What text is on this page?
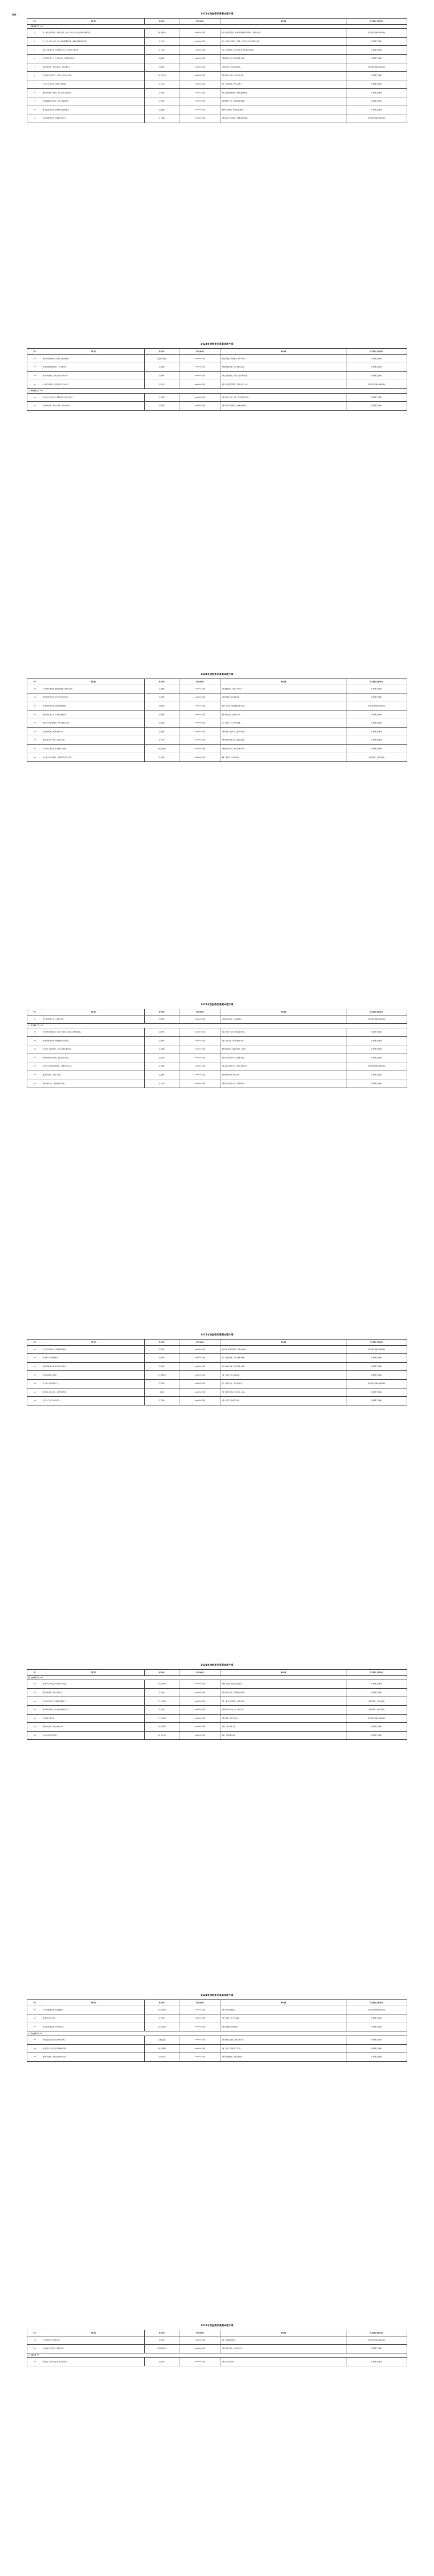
附件	2021年政协委员提案办理方案
序号	答复要点	落实单位	计划完成时间	落实措施	代表答复分类意见标注
一、经济发展工作（15）					
1	进一步优化营商环境，完善政务服务，推进一网通办，提升企业群众办事便利度。	区政务服务办	2021年12月底前	持续深化放管服改革，推动政务服务事项全程网办，压缩审批时限。	所提问题已经解决或基本解决
2	加大对中小微企业扶持力度，落实减税降费政策，缓解融资难融资贵问题。	区发改委	2021年12月底前	建立企业服务专员制度，开展银企对接活动，落实各项惠企政策。	所提问题正在解决
3	推动产业转型升级，培育发展新兴产业，打造特色产业集群。	区工信局	2021年12月底前	制定产业发展规划，引进优质项目，推进重点项目建设。	所提问题正在解决
4	加强招商引资工作，完善招商机制，提高项目落地率。	区商务局	2021年12月底前	开展精准招商，建立项目跟踪服务机制。	所提问题正在解决
5	促进消费升级，发展夜间经济，提升商圈活力。	区商务局	2021年12月底前	打造特色街区，举办促消费活动。	所提问题已经解决或基本解决
6	加快推进农业现代化，发展特色农业和乡村旅游。	区农业农村局	2021年12月底前	推进高标准农田建设，培育农业品牌。	所提问题正在解决
7	完善人才引进政策，加强人才服务保障。	区人社局	2021年12月底前	落实人才安居政策，优化人才服务。	所提问题正在解决
8	推进科技创新平台建设，提升企业自主创新能力。	区科技局	2021年12月底前	支持企业建设研发机构，开展科技成果转化。	所提问题正在解决
9	加强金融服务实体经济，防范化解金融风险。	区金融办	2021年12月底前	搭建融资服务平台，加强风险监测预警。	所提问题正在解决
10	推动数字经济发展，加快新型基础设施建设。	区发改委	2021年12月底前	推进5G基站建设，培育数字经济企业。	所提问题正在解决
11	支持民营经济发展，构建亲清政商关系。	区工商联	2021年12月底前	开展民营企业走访调研，协调解决企业困难。	所提问题已经解决或基本解决
2021年政协委员提案办理方案
序号	答复要点	落实单位	计划完成时间	落实措施	代表答复分类意见标注
12	推进园区提质增效，完善园区基础设施配套。	区经开区管委会	2021年12月底前	加快园区道路、管网建设，提升承载能力。	所提问题正在解决
13	加强文化旅游融合发展，打造文旅品牌。	区文旅局	2021年12月底前	策划精品旅游线路，举办文旅节庆活动。	所提问题正在解决
14	推动外贸稳增长，支持企业开拓国际市场。	区商务局	2021年12月底前	组织企业参加展会，落实出口信用保险政策。	所提问题正在解决
15	完善统计监测体系，提高经济运行分析水平。	区统计局	2021年12月底前	加强统计数据质量管理，开展经济运行分析。	所提问题已经解决或基本解决
二、城市建设工作（12）					
16	加快老旧小区改造，完善配套设施，提升居住品质。	区住建局	2021年12月底前	制定年度改造计划，推进水电气路等设施改造。	所提问题正在解决
17	加强城市管理，整治市容环境，提升城市形象。	区城管局	2021年12月底前	开展市容环境专项整治，推进精细化管理。	所提问题正在解决
2021年政协委员提案办理方案
序号	答复要点	落实单位	计划完成时间	落实措施	代表答复分类意见标注
18	完善城市交通网络，缓解交通拥堵，增设停车设施。	区交通局	2021年12月底前	优化道路微循环，新建公共停车场。	所提问题正在解决
19	推进海绵城市建设，提升城市排水防涝能力。	区住建局	2021年12月底前	改造排水管网，建设调蓄设施。	所提问题正在解决
20	加强城市绿化建设，增加公园绿地面积。	区园林局	2021年12月底前	建设口袋公园，实施道路绿化提升工程。	所提问题已经解决或基本解决
21	推进垃圾分类工作，完善收运处理体系。	区城管局	2021年12月底前	增设分类投放点，加强宣传引导。	所提问题正在解决
22	加快公共充电设施建设，支持新能源汽车推广。	区发改委	2021年12月底前	在公共停车场、小区布局充电桩。	所提问题正在解决
23	加强物业管理，规范物业服务行为。	区住建局	2021年12月底前	开展物业服务质量评价，建立考核机制。	所提问题正在解决
24	推进城乡供水一体化，保障饮水安全。	区水务局	2021年12月底前	实施供水管网延伸工程，加强水质监测。	所提问题正在解决
25	完善农村人居环境，推进美丽乡村建设。	区农业农村局	2021年12月底前	开展村庄清洁行动，推进农村厕所改造。	所提问题正在解决
26	加快地下综合管廊建设，统筹地下空间开发利用。	区住建局	2021年12月底前	编制专项规划，分步推进建设。	所提问题列入计划逐步解决
2021年政协委员提案办理方案
序号	答复要点	落实单位	计划完成时间	落实措施	代表答复分类意见标注
27	提升城市照明水平，完善路灯设施。	区城管局	2021年12月底前	实施路灯节能改造，补齐照明盲区。	所提问题已经解决或基本解决
三、社会事业工作（14）					
28	优化教育资源配置，扩大优质学位供给，推进义务教育均衡发展。	区教育局	2021年12月底前	新建改扩建中小学校，推进集团化办学。	所提问题正在解决
29	加强学前教育建设，增加普惠性幼儿园学位。	区教育局	2021年12月底前	新建公办幼儿园，扶持普惠性民办园。	所提问题正在解决
30	完善医疗卫生服务体系，提升基层医疗服务能力。	区卫健委	2021年12月底前	推进医联体建设，加强基层医疗人才培养。	所提问题正在解决
31	加快养老服务体系建设，发展社区居家养老。	区民政局	2021年12月底前	建设社区养老服务中心，推进医养结合。	所提问题正在解决
32	加强公共文化服务设施建设，丰富群众文化生活。	区文旅局	2021年12月底前	完善基层文化服务中心，开展文化惠民活动。	所提问题已经解决或基本解决
33	推进全民健身，完善体育设施。	区文旅局	2021年12月底前	建设健身步道和多功能运动场。	所提问题正在解决
34	做好稳就业工作，加强职业技能培训。	区人社局	2021年12月底前	开展职业技能提升行动，举办招聘活动。	所提问题正在解决
2021年政协委员提案办理方案
序号	答复要点	落实单位	计划完成时间	落实措施	代表答复分类意见标注
35	完善社会救助体系，加强困难群众帮扶。	区民政局	2021年12月底前	落实低保、特困供养政策，开展临时救助。	所提问题已经解决或基本解决
36	加强青少年心理健康教育。	区教育局	2021年12月底前	配齐心理健康教师，开设心理辅导课程。	所提问题正在解决
37	推进医保制度改革，减轻群众就医负担。	区医保局	2021年12月底前	落实异地就医结算，推进药品集中采购。	所提问题正在解决
38	加强食品药品安全监管。	区市场监管局	2021年12月底前	开展专项检查，建立追溯体系。	所提问题正在解决
39	关爱留守儿童和困境儿童。	区民政局	2021年12月底前	建立关爱服务台账，落实帮扶措施。	所提问题已经解决或基本解决
40	推进残疾人事业发展，完善无障碍设施。	区残联	2021年12月底前	开展无障碍设施改造，落实残疾人补贴。	所提问题正在解决
41	加强公共卫生应急体系建设。	区卫健委	2021年12月底前	完善应急预案，储备应急物资。	所提问题正在解决
2021年政协委员提案办理方案
序号	答复要点	落实单位	计划完成时间	落实措施	代表答复分类意见标注
四、生态环保工作（10）					
42	加强大气污染防治，持续改善空气质量。	区生态环境局	2021年12月底前	开展扬尘治理，加强工业废气监管。	所提问题正在解决
43	推进河湖治理，改善水环境质量。	区水务局	2021年12月底前	全面落实河湖长制，开展黑臭水体整治。	所提问题正在解决
44	加强土壤污染防治，保障土壤环境安全。	区生态环境局	2021年12月底前	开展土壤污染状况调查，实施风险管控。	所提问题列入计划逐步解决
45	推动绿色低碳发展，做好碳达峰碳中和工作。	区发改委	2021年12月底前	制定碳达峰行动方案，推广清洁能源。	所提问题列入计划逐步解决
46	加强噪声污染治理。	区生态环境局	2021年12月底前	开展建筑施工噪声专项执法。	所提问题已经解决或基本解决
47	推进生态修复，加强山体绿化保护。	区自然资源局	2021年12月底前	实施矿山生态修复工程。	所提问题正在解决
48	加强农业面源污染治理。	区农业农村局	2021年12月底前	推进化肥农药减量增效。	所提问题正在解决
2021年政协委员提案办理方案
序号	答复要点	落实单位	计划完成时间	落实措施	代表答复分类意见标注
49	完善环境监测网络，提高监测能力。	区生态环境局	2021年12月底前	新增空气质量监测站点。	所提问题已经解决或基本解决
50	推进节水型社会建设。	区水务局	2021年12月底前	开展节水宣传，推广节水器具。	所提问题正在解决
51	加强危险废物监管，防范环境风险。	区生态环境局	2021年12月底前	开展危险废物专项排查整治。	所提问题正在解决
五、社会治理工作（9）					
52	加强基层社会治理，推进网格化管理。	区委政法委	2021年12月底前	完善网格员队伍建设，健全工作机制。	所提问题正在解决
53	加强安全生产监管，防范化解重大风险。	区应急管理局	2021年12月底前	开展安全生产专项整治三年行动。	所提问题正在解决
54	推进平安建设，加强治安防控体系建设。	区公安分局	2021年12月底前	完善视频监控网络，加强巡逻防控。	所提问题正在解决
2021年政协委员提案办理方案
序号	答复要点	落实单位	计划完成时间	落实措施	代表答复分类意见标注
55	完善矛盾纠纷多元化解机制。	区司法局	2021年12月底前	加强人民调解组织建设。	所提问题已经解决或基本解决
56	加强消防安全管理，完善消防设施。	区消防救援大队	2021年12月底前	开展消防隐患排查，补齐消防设施。	所提问题正在解决
六、其他工作（6）					
57	加强社区工作者队伍建设，提升服务能力。	区民政局	2021年12月底前	开展社区工作者培训。	所提问题正在解决
